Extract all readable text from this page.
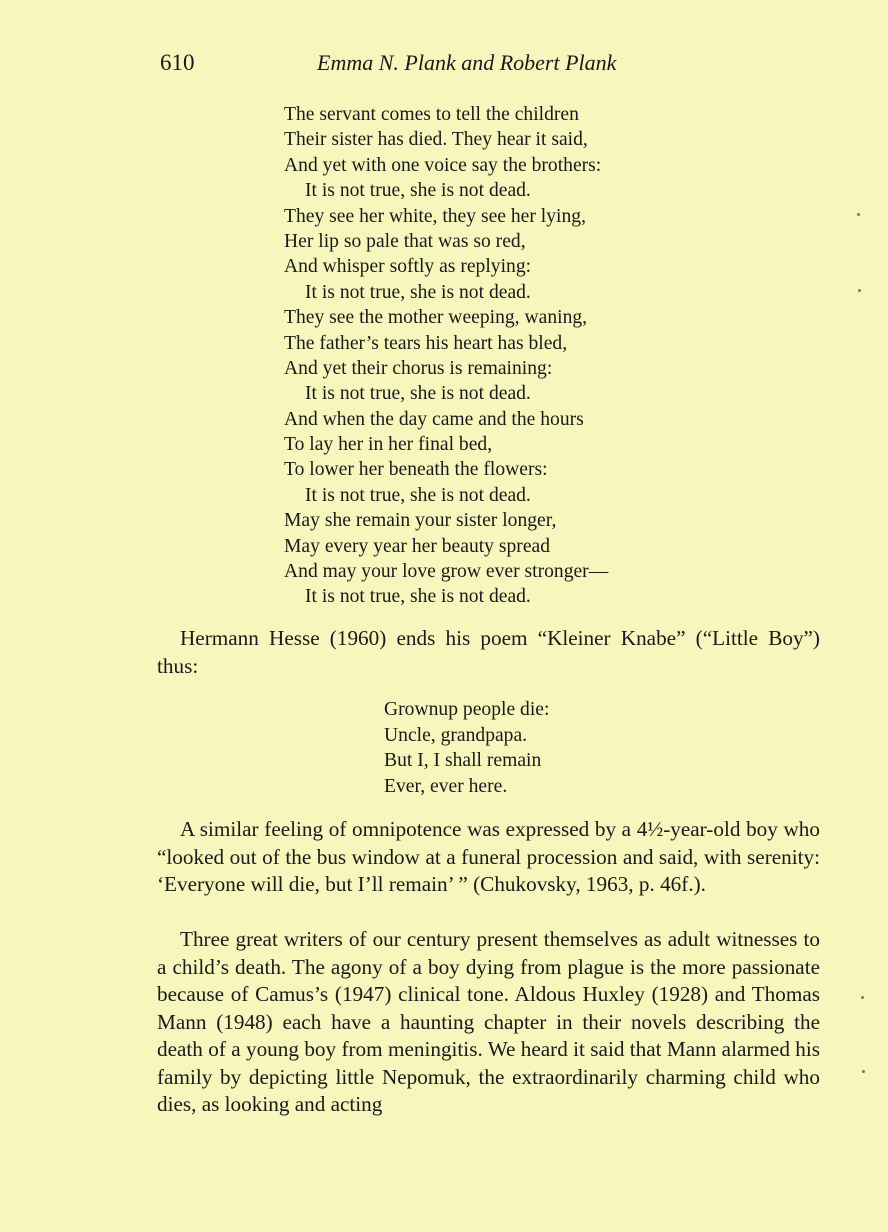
610	Emma N. Plank and Robert Plank
The servant comes to tell the children
Their sister has died. They hear it said,
And yet with one voice say the brothers:
It is not true, she is not dead.
They see her white, they see her lying,
Her lip so pale that was so red,
And whisper softly as replying:
It is not true, she is not dead.
They see the mother weeping, waning,
The father’s tears his heart has bled,
And yet their chorus is remaining:
It is not true, she is not dead.
And when the day came and the hours
To lay her in her final bed,
To lower her beneath the flowers:
It is not true, she is not dead.
May she remain your sister longer,
May every year her beauty spread
And may your love grow ever stronger—
It is not true, she is not dead.

Hermann Hesse (1960) ends his poem “Kleiner Knabe” (“Little Boy”) thus:

Grownup people die:
Uncle, grandpapa.
But I, I shall remain
Ever, ever here.

A similar feeling of omnipotence was expressed by a 4½-year-old boy who “looked out of the bus window at a funeral procession and said, with serenity: ‘Everyone will die, but I’ll remain’ ” (Chukovsky, 1963, p. 46f.).

Three great writers of our century present themselves as adult witnesses to a child’s death. The agony of a boy dying from plague is the more passionate because of Camus’s (1947) clinical tone. Aldous Huxley (1928) and Thomas Mann (1948) each have a haunting chapter in their novels describing the death of a young boy from meningitis. We heard it said that Mann alarmed his family by depicting little Nepomuk, the extraordinarily charming child who dies, as looking and acting
